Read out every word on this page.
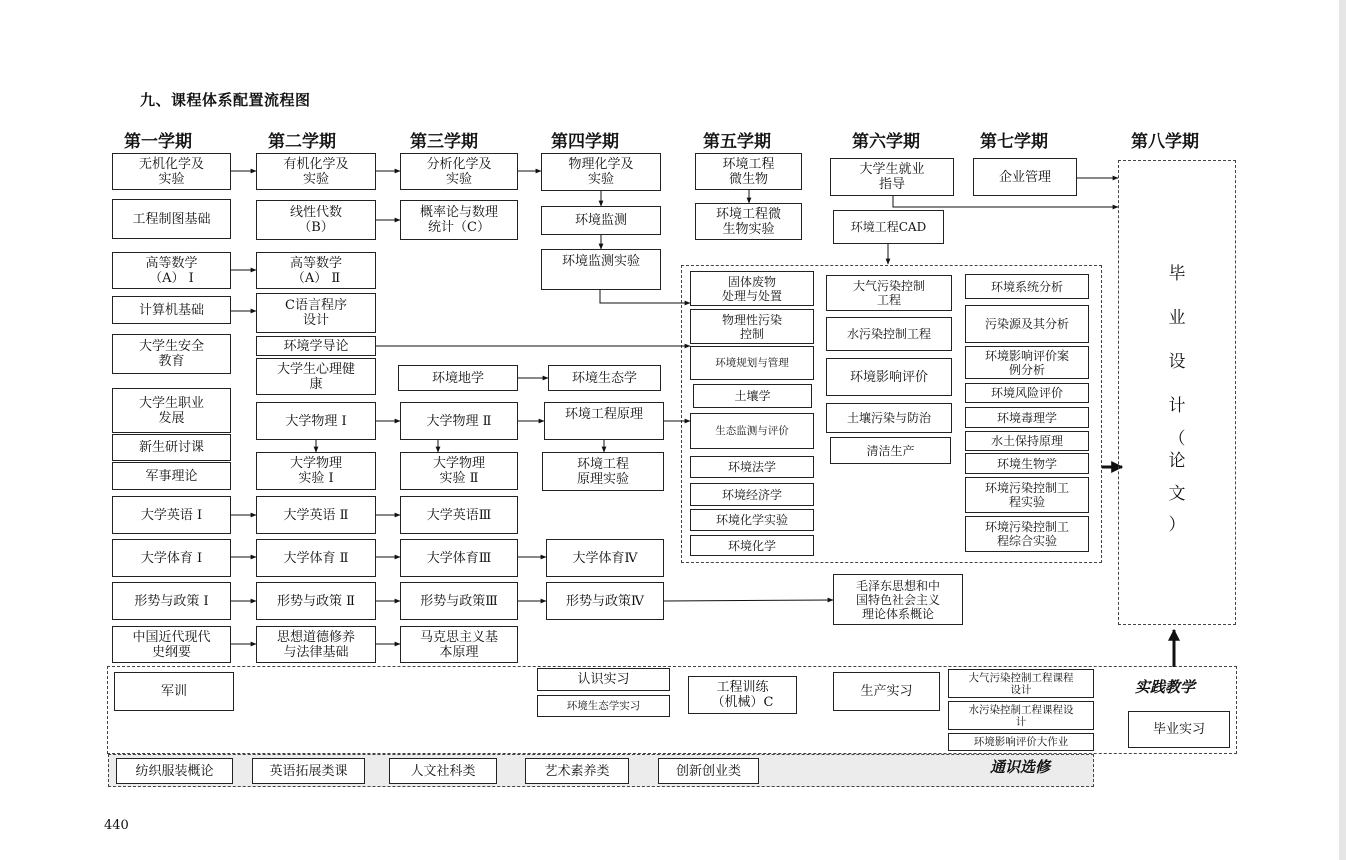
九、课程体系配置流程图
第一学期	第二学期	第三学期	第四学期	第五学期	第六学期	第七学期	第八学期
无机化学及
实验
工程制图基础
高等数学
（A） Ⅰ
计算机基础
大学生安全
教育
大学生职业
发展
新生研讨课
军事理论
大学英语 Ⅰ
大学体育 Ⅰ
形势与政策 Ⅰ
中国近代现代
史纲要
有机化学及
实验
线性代数
（B）
高等数学
（A） Ⅱ
C语言程序
设计
环境学导论
大学生心理健
康
大学物理 Ⅰ
大学物理
实验 Ⅰ
大学英语 Ⅱ
大学体育 Ⅱ
形势与政策 Ⅱ
思想道德修养
与法律基础
分析化学及
实验
概率论与数理
统计（C）
环境地学
大学物理 Ⅱ
大学物理
实验 Ⅱ
大学英语Ⅲ
大学体育Ⅲ
形势与政策Ⅲ
马克思主义基
本原理
物理化学及
实验
环境监测
环境监测实验
环境生态学
环境工程原理
环境工程
原理实验
大学体育Ⅳ
形势与政策Ⅳ
环境工程
微生物
环境工程微
生物实验
固体废物
处理与处置
物理性污染
控制
环境规划与管理
土壤学
生态监测与评价
环境法学
环境经济学
环境化学实验
环境化学
大学生就业
指导
环境工程CAD
大气污染控制
工程
水污染控制工程
环境影响评价
土壤污染与防治
清洁生产
毛泽东思想和中
国特色社会主义
理论体系概论
企业管理
环境系统分析
污染源及其分析
环境影响评价案
例分析
环境风险评价
环境毒理学
水土保持原理
环境生物学
环境污染控制工
程实验
环境污染控制工
程综合实验
毕
业
设
计
（
论
文
）
军训
认识实习
环境生态学实习
工程训练
（机械）C
生产实习
大气污染控制工程课程
设计
水污染控制工程课程设
计
环境影响评价大作业
实践教学
毕业实习
纺织服装概论	英语拓展类课	人文社科类	艺术素养类	创新创业类	通识选修
440
